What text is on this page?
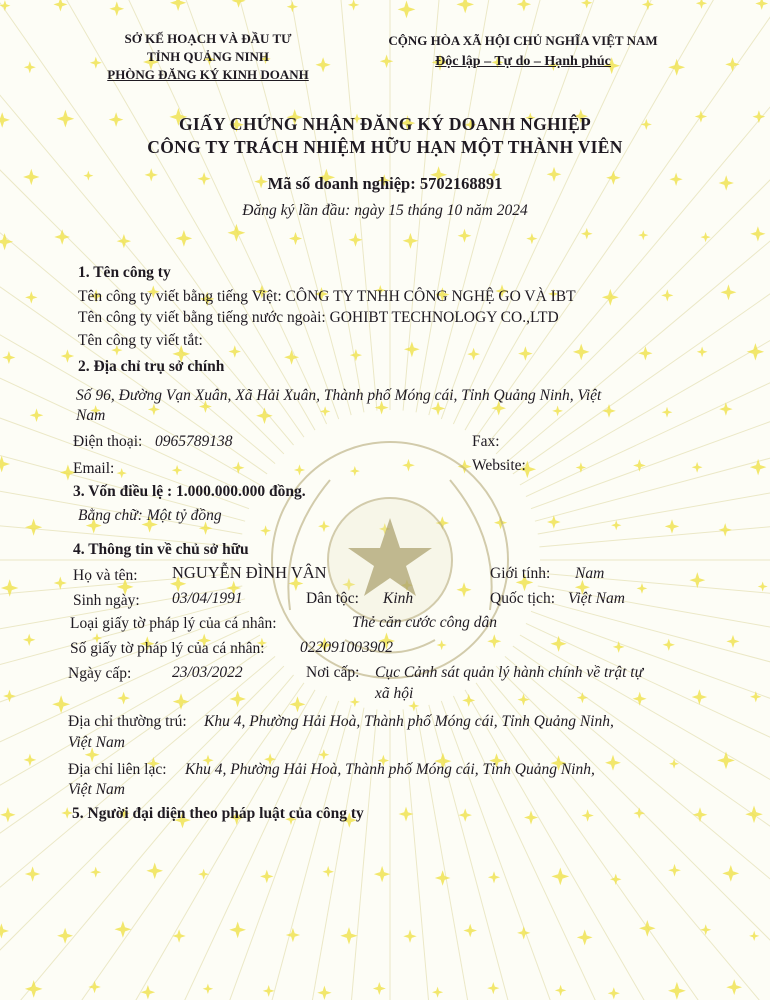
SỞ KẾ HOẠCH VÀ ĐẦU TƯ
TỈNH QUẢNG NINH
PHÒNG ĐĂNG KÝ KINH DOANH
CỘNG HÒA XÃ HỘI CHỦ NGHĨA VIỆT NAM
Độc lập – Tự do – Hạnh phúc
GIẤY CHỨNG NHẬN ĐĂNG KÝ DOANH NGHIỆP
CÔNG TY TRÁCH NHIỆM HỮU HẠN MỘT THÀNH VIÊN
Mã số doanh nghiệp: 5702168891
Đăng ký lần đầu: ngày 15 tháng 10 năm 2024
1. Tên công ty
Tên công ty viết bằng tiếng Việt: CÔNG TY TNHH CÔNG NGHỆ GO VÀ IBT
Tên công ty viết bằng tiếng nước ngoài: GOHIBT TECHNOLOGY CO.,LTD
Tên công ty viết tắt:
2. Địa chỉ trụ sở chính
Số 96, Đường Vạn Xuân, Xã Hải Xuân, Thành phố Móng cái, Tỉnh Quảng Ninh, Việt
Nam
Điện thoại: 0965789138	Fax:
Email:	Website:
3. Vốn điều lệ : 1.000.000.000 đồng.
Bằng chữ: Một tỷ đồng
4. Thông tin về chủ sở hữu
Họ và tên: NGUYỄN ĐÌNH VÂN	Giới tính: Nam
Sinh ngày: 03/04/1991	Dân tộc: Kinh	Quốc tịch: Việt Nam
Loại giấy tờ pháp lý của cá nhân:	Thẻ căn cước công dân
Số giấy tờ pháp lý của cá nhân: 022091003902
Ngày cấp:	23/03/2022	Nơi cấp: Cục Cảnh sát quản lý hành chính về trật tự
xã hội
Địa chỉ thường trú: Khu 4, Phường Hải Hoà, Thành phố Móng cái, Tỉnh Quảng Ninh,
Việt Nam
Địa chỉ liên lạc: Khu 4, Phường Hải Hoà, Thành phố Móng cái, Tỉnh Quảng Ninh,
Việt Nam
5. Người đại diện theo pháp luật của công ty
